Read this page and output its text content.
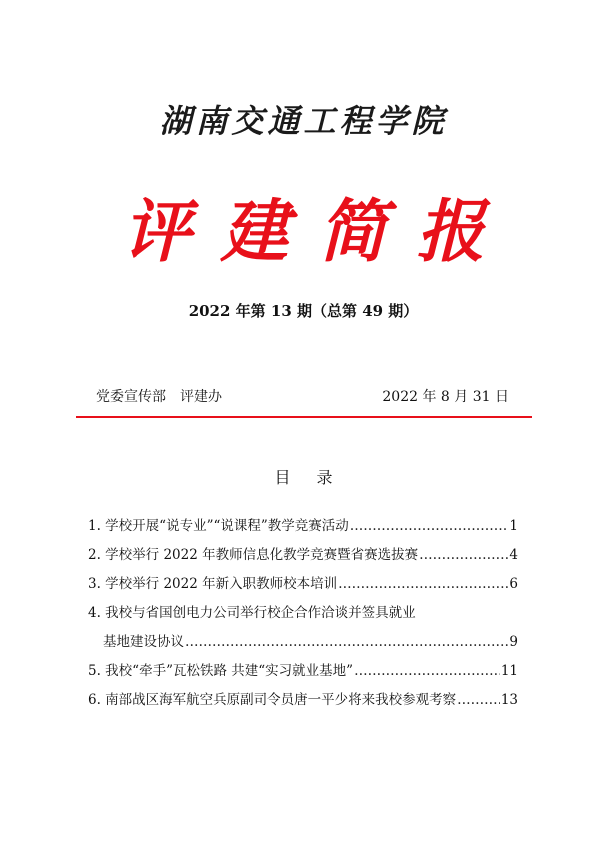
湖南交通工程学院
评建简报
2022 年第 13 期（总第 49 期）
党委宣传部　评建办	2022 年 8 月 31 日
目录
1. 学校开展“说专业”“说课程”教学竞赛活动 ……………………………………………………………………………………………………	1
2. 学校举行 2022 年教师信息化教学竞赛暨省赛选拔赛 ……………………………………………………………………………………………………	4
3. 学校举行 2022 年新入职教师校本培训 ……………………………………………………………………………………………………	6
4. 我校与省国创电力公司举行校企合作洽谈并签具就业
基地建设协议 ……………………………………………………………………………………………………	9
5. 我校“牵手”瓦松铁路 共建“实习就业基地” ……………………………………………………………………………………………………	11
6. 南部战区海军航空兵原副司令员唐一平少将来我校参观考察 ……………………………………………………………………………………………………	13
